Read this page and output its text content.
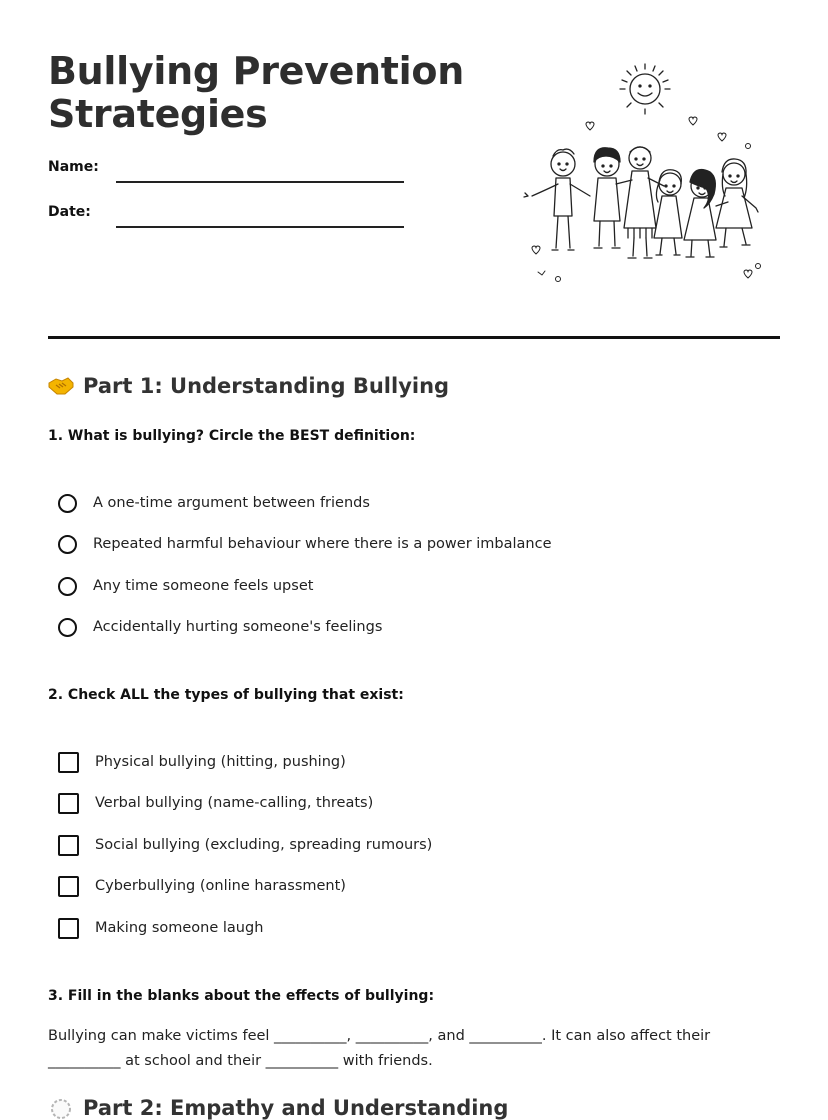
Bullying Prevention Strategies
Name:
Date:
Part 1: Understanding Bullying
1. What is bullying? Circle the BEST definition:
A one-time argument between friends
Repeated harmful behaviour where there is a power imbalance
Any time someone feels upset
Accidentally hurting someone's feelings
2. Check ALL the types of bullying that exist:
Physical bullying (hitting, pushing)
Verbal bullying (name-calling, threats)
Social bullying (excluding, spreading rumours)
Cyberbullying (online harassment)
Making someone laugh
3. Fill in the blanks about the effects of bullying:

Bullying can make victims feel __________, __________, and __________. It can also affect their __________ at school and their __________ with friends.

Part 2: Empathy and Understanding
